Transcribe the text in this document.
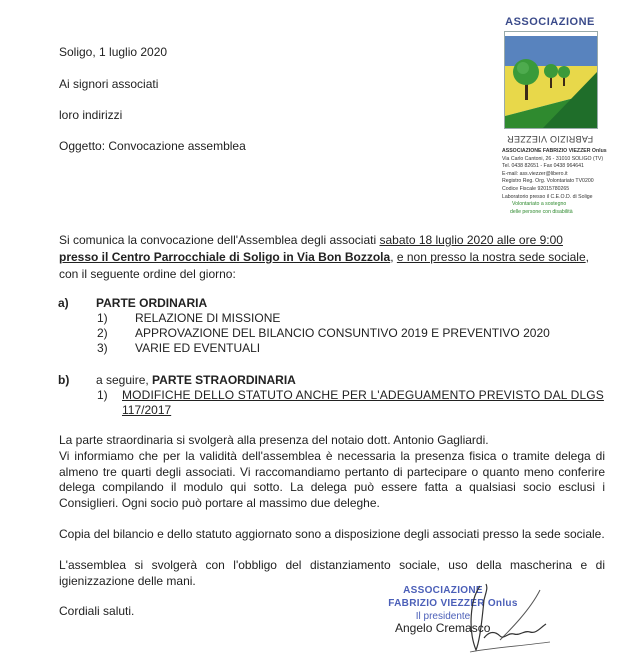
Soligo, 1 luglio 2020
Ai signori associati
loro indirizzi
Oggetto: Convocazione assemblea
ASSOCIAZIONE
FABRIZIO VIEZZER
ASSOCIAZIONE FABRIZIO VIEZZER Onlus
Via Carlo Cantoni, 26 - 31010 SOLIGO (TV)
Tel. 0438 82651 - Fax 0438 964641
E-mail: ass.viezzer@libero.it
Registro Reg. Org. Volontariato TV0200
Codice Fiscale 92015780265
Laboratorio presso il C.E.O.D. di Solige
Volontariato a sostegno
delle persone con disabilità
Si comunica la convocazione dell'Assemblea degli associati sabato 18 luglio 2020 alle ore 9:00 presso il Centro Parrocchiale di Soligo in Via Bon Bozzola, e non presso la nostra sede sociale, con il seguente ordine del giorno:
a) PARTE ORDINARIA
1) RELAZIONE DI MISSIONE
2) APPROVAZIONE DEL BILANCIO CONSUNTIVO 2019 E PREVENTIVO 2020
3) VARIE ED EVENTUALI
b) a seguire, PARTE STRAORDINARIA
1) MODIFICHE DELLO STATUTO ANCHE PER L'ADEGUAMENTO PREVISTO DAL DLGS
117/2017
La parte straordinaria si svolgerà alla presenza del notaio dott. Antonio Gagliardi.
Vi informiamo che per la validità dell'assemblea è necessaria la presenza fisica o tramite delega di almeno tre quarti degli associati. Vi raccomandiamo pertanto di partecipare o quanto meno conferire delega compilando il modulo qui sotto. La delega può essere fatta a qualsiasi socio esclusi i Consiglieri. Ogni socio può portare al massimo due deleghe.
Copia del bilancio e dello statuto aggiornato sono a disposizione degli associati presso la sede sociale.
L'assemblea si svolgerà con l'obbligo del distanziamento sociale, uso della mascherina e di igienizzazione delle mani.
Cordiali saluti.
ASSOCIAZIONE
FABRIZIO VIEZZER Onlus
Il presidente
Angelo Cremasco
